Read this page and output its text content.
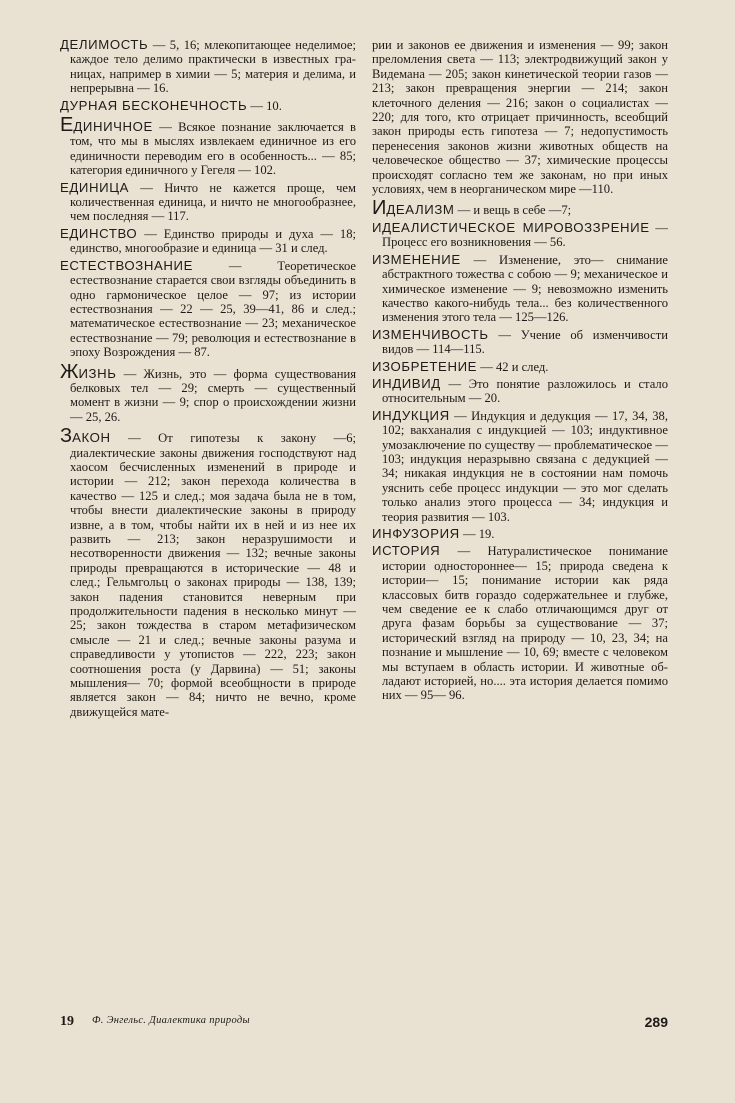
ДЕЛИМОСТЬ — 5, 16; млекопитающее неделимое; каждое тело делимо практически в известных границах, например в химии — 5; материя и делима, и непрерывна — 16.

ДУРНАЯ БЕСКОНЕЧНОСТЬ — 10.

ЕДИНИЧНОЕ — Всякое познание заключается в том, что мы в мыслях извлекаем единичное из его единичности переводим его в особенность... — 85; категория единичного у Гегеля — 102.

ЕДИНИЦА — Ничто не кажется проще, чем количественная единица, и ничто не многообразнее, чем последняя — 117.

ЕДИНСТВО — Единство природы и духа — 18; единство, многообразие и единица — 31 и след.

ЕСТЕСТВОЗНАНИЕ — Теоретическое естествознание старается свои взгляды объединить в одно гармоническое целое — 97; из истории естествознания — 22 — 25, 39—41, 86 и след.; математическое естествознание — 23; механическое естествознание — 79; революция и естествознание в эпоху Возрождения — 87.

ЖИЗНЬ — Жизнь, это — форма существования белковых тел — 29; смерть — существенный момент в жизни — 9; спор о происхождении жизни — 25, 26.

ЗАКОН — От гипотезы к закону —6; диалектические законы движения господствуют над хаосом бесчисленных изменений в природе и истории — 212; закон перехода количества в качество — 125 и след.; моя задача была не в том, чтобы внести диалектические законы в природу извне, а в том, чтобы найти их в ней и из нее их развить — 213; закон неразрушимости и несотворенности движения — 132; вечные законы природы превращаются в исторические — 48 и след.; Гельмгольц о законах природы — 138, 139; закон падения становится неверным при продолжительности падения в несколько минут — 25; закон тождества в старом метафизическом смысле — 21 и след.; вечные законы разума и справедливости у утопистов — 222, 223; закон соотношения роста (у Дарвина) — 51; законы мышления— 70; формой всеобщности в природе является закон — 84; ничто не вечно, кроме движущейся мате-

рии и законов ее движения и изменения — 99; закон преломления света — 113; электродвижущий закон у Видемана — 205; закон кинетической теории газов — 213; закон превращения энергии — 214; закон клеточного деления — 216; закон о социалистах — 220; для того, кто отрицает причинность, всеобщий закон природы есть гипотеза — 7; недопустимость перенесения законов жизни животных обществ на человеческое общество — 37; химические процессы происходят согласно тем же законам, но при иных условиях, чем в неорганическом мире —110.

ИДЕАЛИЗМ — и вещь в себе —7;

ИДЕАЛИСТИЧЕСКОЕ МИРОВОЗЗРЕНИЕ — Процесс его возникновения — 56.

ИЗМЕНЕНИЕ — Изменение, это— снимание абстрактного тожества с собою — 9; механическое и химическое изменение — 9; невозможно изменить качество какого-нибудь тела... без количественного изменения этого тела — 125—126.

ИЗМЕНЧИВОСТЬ — Учение об изменчивости видов — 114—115.

ИЗОБРЕТЕНИЕ — 42 и след.

ИНДИВИД — Это понятие разложилось и стало относительным — 20.

ИНДУКЦИЯ — Индукция и дедукция — 17, 34, 38, 102; вакханалия с индукцией — 103; индуктивное умозаключение по существу — проблематическое — 103; индукция неразрывно связана с дедукцией — 34; никакая индукция не в состоянии нам помочь уяснить себе процесс индукции — это мог сделать только анализ этого процесса — 34; индукция и теория развития — 103.

ИНФУЗОРИЯ — 19.

ИСТОРИЯ — Натуралистическое понимание истории одностороннее— 15; природа сведена к истории— 15; понимание истории как ряда классовых битв гораздо содержательнее и глубже, чем сведение ее к слабо отличающимся друг от друга фазам борьбы за существование — 37; исторический взгляд на природу — 10, 23, 34; на познание и мышление — 10, 69; вместе с человеком мы вступаем в область истории. И животные обладают историей, но.... эта история делается помимо них — 95— 96.

19 Ф. Энгельс. Диалектика природы	289
